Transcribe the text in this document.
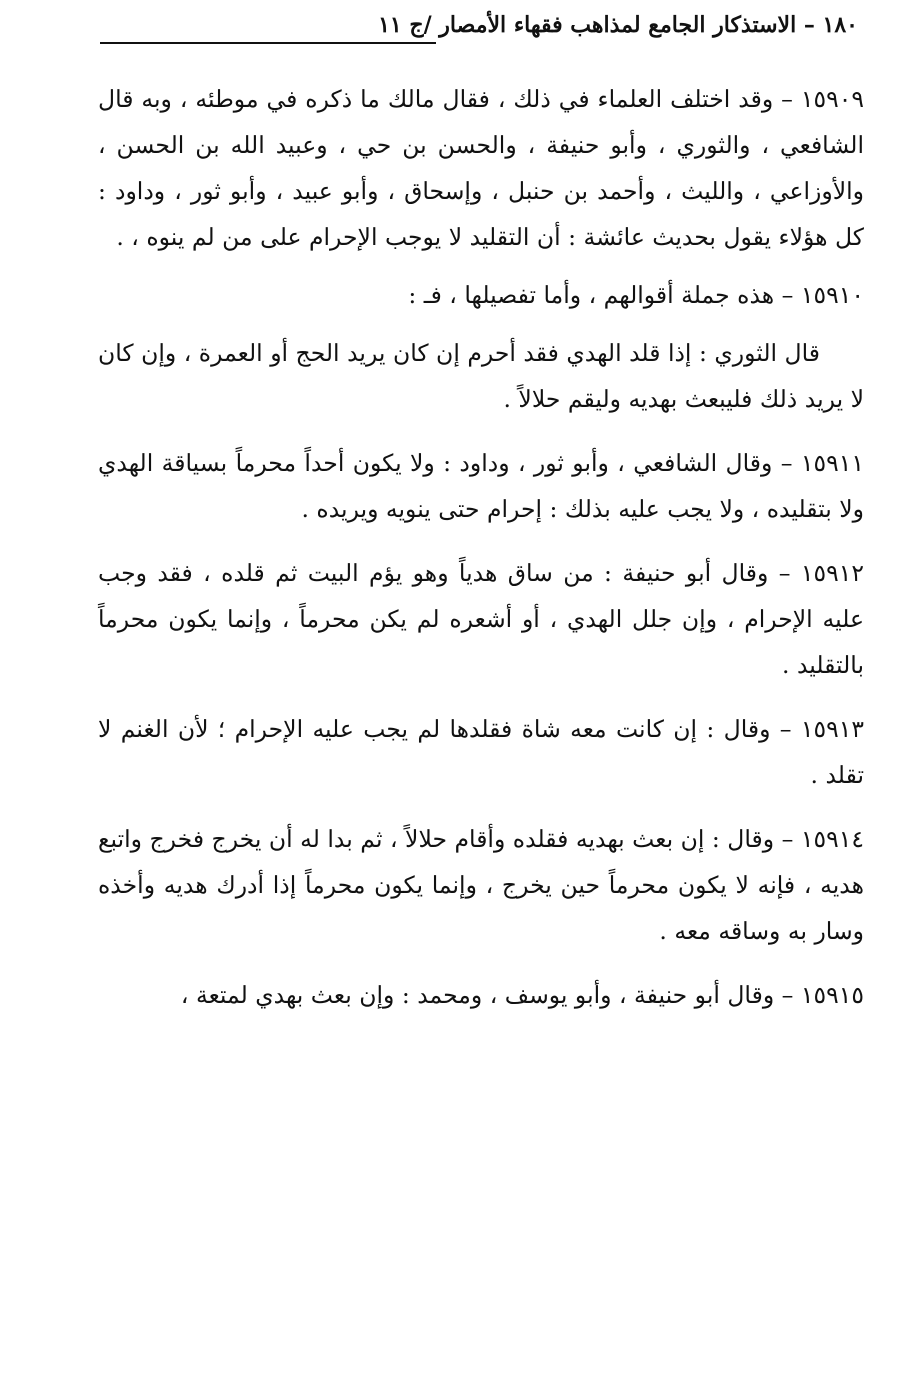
١٨٠ – الاستذكار الجامع لمذاهب فقهاء الأمصار /ج ١١

١٥٩٠٩ – وقد اختلف العلماء في ذلك ، فقال مالك ما ذكره في موطئه ، وبه قال الشافعي ، والثوري ، وأبو حنيفة ، والحسن بن حي ، وعبيد الله بن الحسن ، والأوزاعي ، والليث ، وأحمد بن حنبل ، وإسحاق ، وأبو عبيد ، وأبو ثور ، وداود : كل هؤلاء يقول بحديث عائشة : أن التقليد لا يوجب الإحرام على من لم ينوه ، .

١٥٩١٠ – هذه جملة أقوالهم ، وأما تفصيلها ، فـ :

قال الثوري : إذا قلد الهدي فقد أحرم إن كان يريد الحج أو العمرة ، وإن كان لا يريد ذلك فليبعث بهديه وليقم حلالاً .

١٥٩١١ – وقال الشافعي ، وأبو ثور ، وداود : ولا يكون أحداً محرماً بسياقة الهدي ولا بتقليده ، ولا يجب عليه بذلك : إحرام حتى ينويه ويريده .

١٥٩١٢ – وقال أبو حنيفة : من ساق هدياً وهو يؤم البيت ثم قلده ، فقد وجب عليه الإحرام ، وإن جلل الهدي ، أو أشعره لم يكن محرماً ، وإنما يكون محرماً بالتقليد .

١٥٩١٣ – وقال : إن كانت معه شاة فقلدها لم يجب عليه الإحرام ؛ لأن الغنم لا تقلد .

١٥٩١٤ – وقال : إن بعث بهديه فقلده وأقام حلالاً ، ثم بدا له أن يخرج فخرج واتبع هديه ، فإنه لا يكون محرماً حين يخرج ، وإنما يكون محرماً إذا أدرك هديه وأخذه وسار به وساقه معه .

١٥٩١٥ – وقال أبو حنيفة ، وأبو يوسف ، ومحمد : وإن بعث بهدي لمتعة ،
